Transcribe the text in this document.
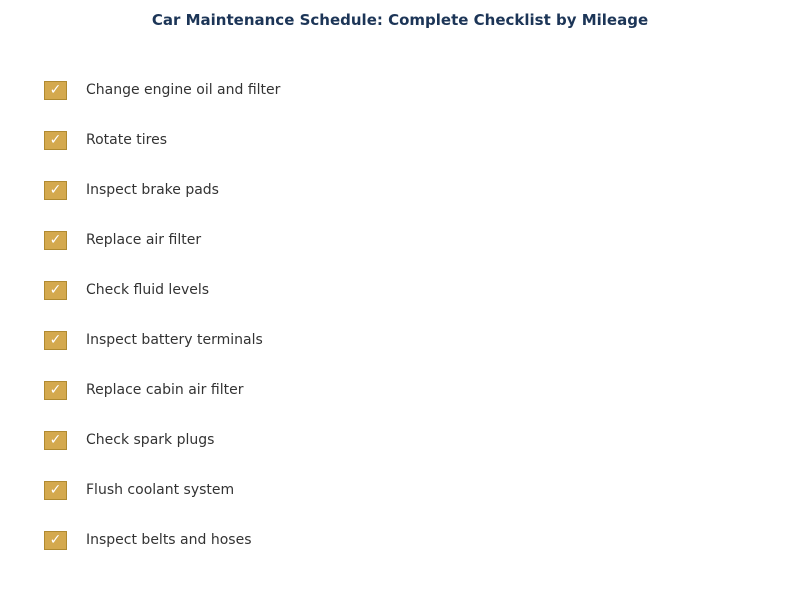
Car Maintenance Schedule: Complete Checklist by Mileage
✓ Change engine oil and filter
✓ Rotate tires
✓ Inspect brake pads
✓ Replace air filter
✓ Check fluid levels
✓ Inspect battery terminals
✓ Replace cabin air filter
✓ Check spark plugs
✓ Flush coolant system
✓ Inspect belts and hoses
